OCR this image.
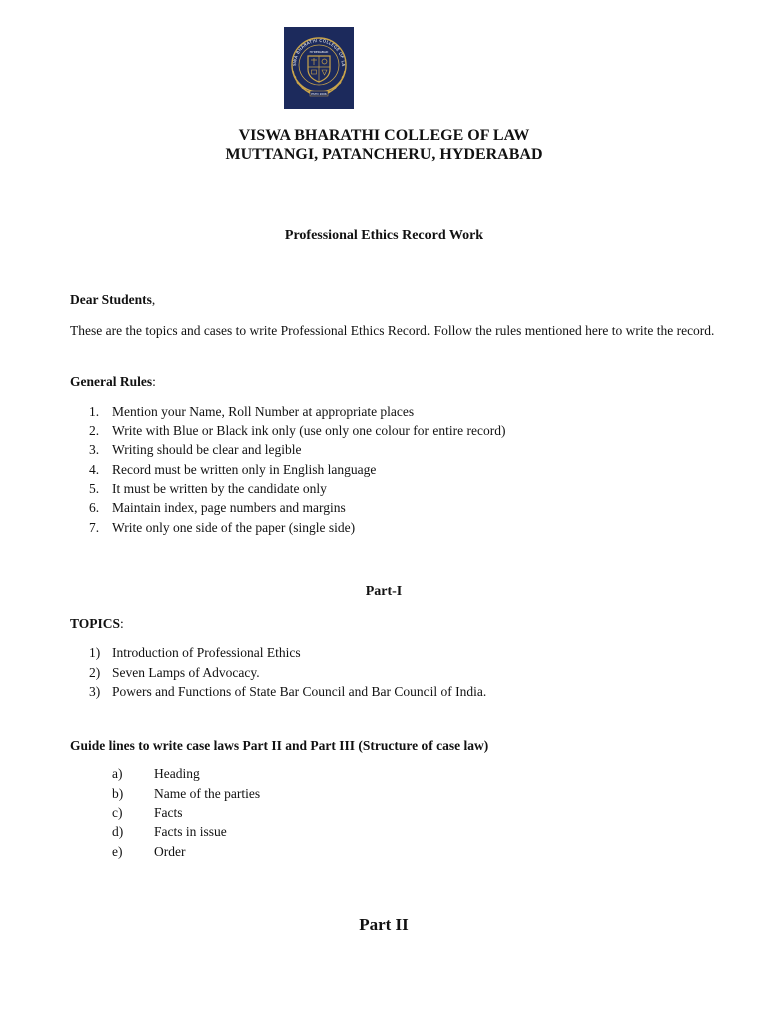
SWA BHARATHI COLLEGE OF LA
HYDERABAD
ESTD 2006
VISWA BHARATHI COLLEGE OF LAW
MUTTANGI, PATANCHERU, HYDERABAD
Professional Ethics Record Work
Dear Students,
These are the topics and cases to write Professional Ethics Record. Follow the rules mentioned here to write the record.
General Rules:
1. Mention your Name, Roll Number at appropriate places
2. Write with Blue or Black ink only (use only one colour for entire record)
3. Writing should be clear and legible
4. Record must be written only in English language
5. It must be written by the candidate only
6. Maintain index, page numbers and margins
7. Write only one side of the paper (single side)
Part-I
TOPICS:
1) Introduction of Professional Ethics
2) Seven Lamps of Advocacy.
3) Powers and Functions of State Bar Council and Bar Council of India.
Guide lines to write case laws Part II and Part III (Structure of case law)
a)	Heading
b)	Name of the parties
c)	Facts
d)	Facts in issue
e)	Order
Part II
